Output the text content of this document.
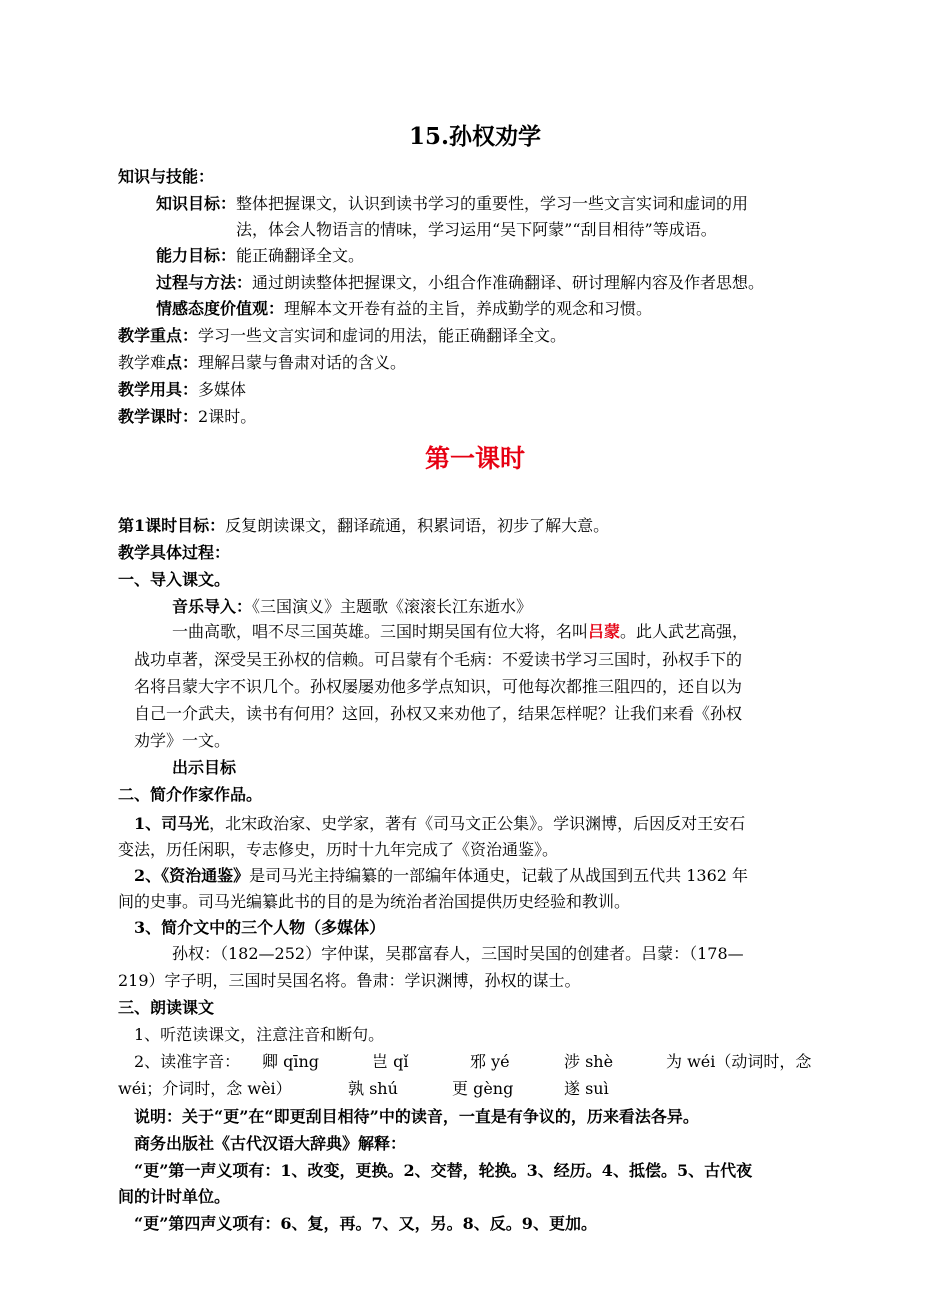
15.孙权劝学
知识与技能：
知识目标：整体把握课文，认识到读书学习的重要性，学习一些文言实词和虚词的用
法，体会人物语言的情味，学习运用“吴下阿蒙”“刮目相待”等成语。
能力目标：能正确翻译全文。
过程与方法：通过朗读整体把握课文，小组合作准确翻译、研讨理解内容及作者思想。
情感态度价值观：理解本文开卷有益的主旨，养成勤学的观念和习惯。
教学重点：学习一些文言实词和虚词的用法，能正确翻译全文。
教学难点：理解吕蒙与鲁肃对话的含义。
教学用具：多媒体
教学课时：2课时。
第一课时
第1课时目标：反复朗读课文，翻译疏通，积累词语，初步了解大意。
教学具体过程：
一、导入课文。
音乐导入：《三国演义》主题歌《滚滚长江东逝水》
一曲高歌，唱不尽三国英雄。三国时期吴国有位大将，名叫吕蒙。此人武艺高强，
战功卓著，深受吴王孙权的信赖。可吕蒙有个毛病：不爱读书学习三国时，孙权手下的
名将吕蒙大字不识几个。孙权屡屡劝他多学点知识，可他每次都推三阻四的，还自以为
自己一介武夫，读书有何用？这回，孙权又来劝他了，结果怎样呢？让我们来看《孙权
劝学》一文。
出示目标
二、简介作家作品。
1、司马光，北宋政治家、史学家，著有《司马文正公集》。学识渊博，后因反对王安石
变法，历任闲职，专志修史，历时十九年完成了《资治通鉴》。
2、《资治通鉴》是司马光主持编纂的一部编年体通史，记载了从战国到五代共 1362 年
间的史事。司马光编纂此书的目的是为统治者治国提供历史经验和教训。
3、简介文中的三个人物（多媒体）
孙权：（182—252）字仲谋，吴郡富春人，三国时吴国的创建者。吕蒙：（178—
219）字子明，三国时吴国名将。鲁肃：学识渊博，孙权的谋士。
三、朗读课文
1、听范读课文，注意注音和断句。
2、读准字音： 卿 qīng	岂 qǐ	邪 yé	涉 shè	为 wéi（动词时，念
wéi；介词时，念 wèi）	孰 shú	更 gèng	遂 suì
说明：关于“更”在“即更刮目相待”中的读音，一直是有争议的，历来看法各异。
商务出版社《古代汉语大辞典》解释：
“更”第一声义项有：1、改变，更换。2、交替，轮换。3、经历。4、抵偿。5、古代夜
间的计时单位。
“更”第四声义项有：6、复，再。7、又，另。8、反。9、更加。
